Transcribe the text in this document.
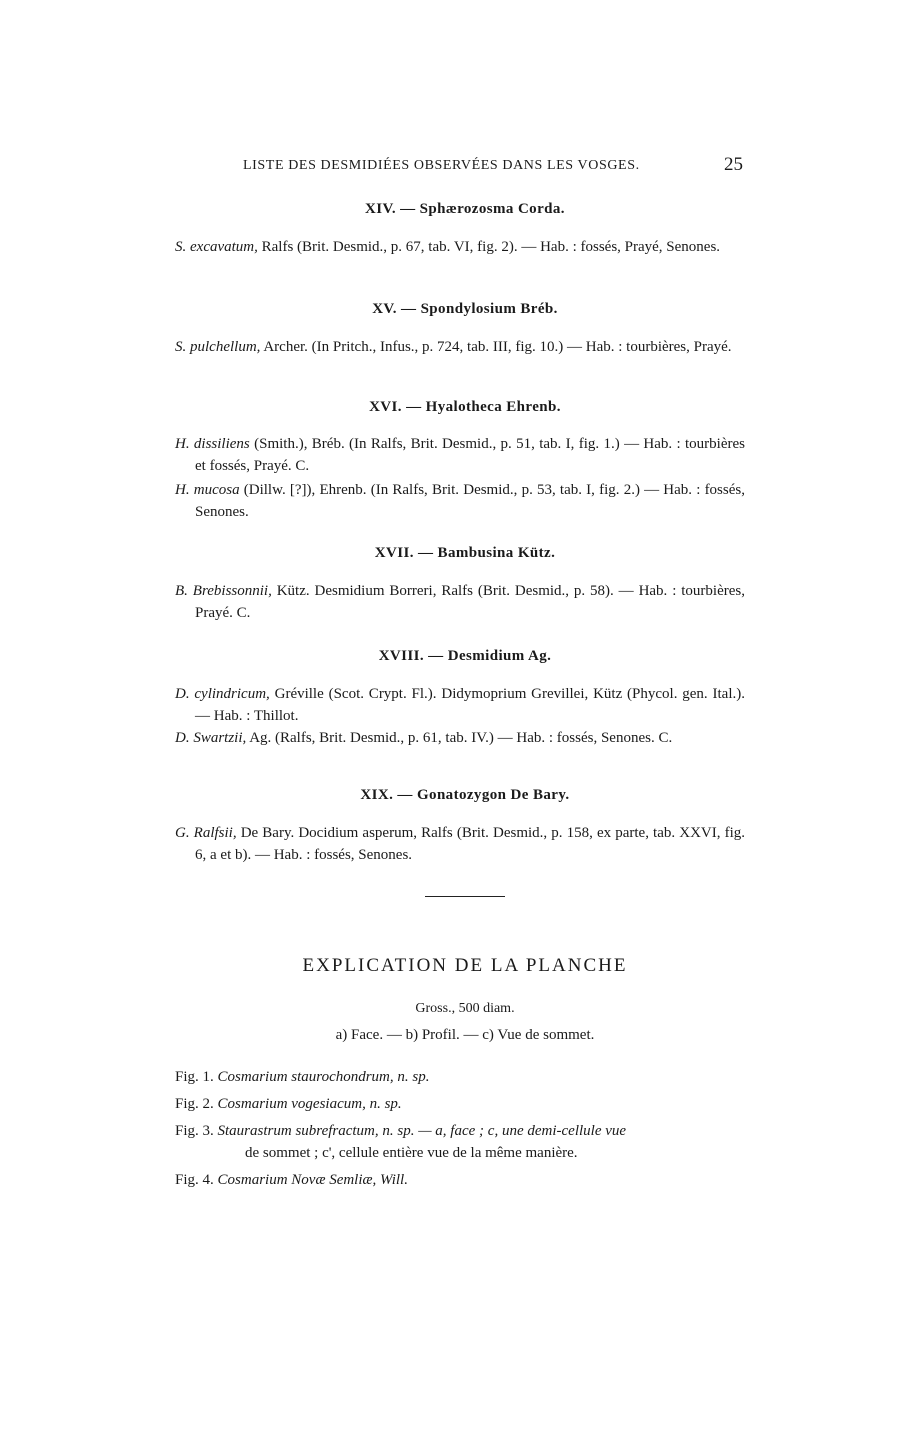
LISTE DES DESMIDIÉES OBSERVÉES DANS LES VOSGES.	25
XIV. — Sphærozosma Corda.
S. excavatum, Ralfs (Brit. Desmid., p. 67, tab. VI, fig. 2). — Hab. : fossés, Prayé, Senones.
XV. — Spondylosium Bréb.
S. pulchellum, Archer. (In Pritch., Infus., p. 724, tab. III, fig. 10.) — Hab. : tourbières, Prayé.
XVI. — Hyalotheca Ehrenb.
H. dissiliens (Smith.), Bréb. (In Ralfs, Brit. Desmid., p. 51, tab. I, fig. 1.) — Hab. : tourbières et fossés, Prayé. C.
H. mucosa (Dillw. [?]), Ehrenb. (In Ralfs, Brit. Desmid., p. 53, tab. I, fig. 2.) — Hab. : fossés, Senones.
XVII. — Bambusina Kütz.
B. Brebissonnii, Kütz. Desmidium Borreri, Ralfs (Brit. Desmid., p. 58). — Hab. : tourbières, Prayé. C.
XVIII. — Desmidium Ag.
D. cylindricum, Gréville (Scot. Crypt. Fl.). Didymoprium Grevillei, Kütz (Phycol. gen. Ital.). — Hab. : Thillot.
D. Swartzii, Ag. (Ralfs, Brit. Desmid., p. 61, tab. IV.) — Hab. : fossés, Senones. C.
XIX. — Gonatozygon De Bary.
G. Ralfsii, De Bary. Docidium asperum, Ralfs (Brit. Desmid., p. 158, ex parte, tab. XXVI, fig. 6, a et b). — Hab. : fossés, Senones.
EXPLICATION DE LA PLANCHE
Gross., 500 diam.
a) Face. — b) Profil. — c) Vue de sommet.
Fig. 1. Cosmarium staurochondrum, n. sp.
Fig. 2. Cosmarium vogesiacum, n. sp.
Fig. 3. Staurastrum subrefractum, n. sp. — a, face ; c, une demi-cellule vue
de sommet ; c', cellule entière vue de la même manière.
Fig. 4. Cosmarium Novæ Semliæ, Will.
